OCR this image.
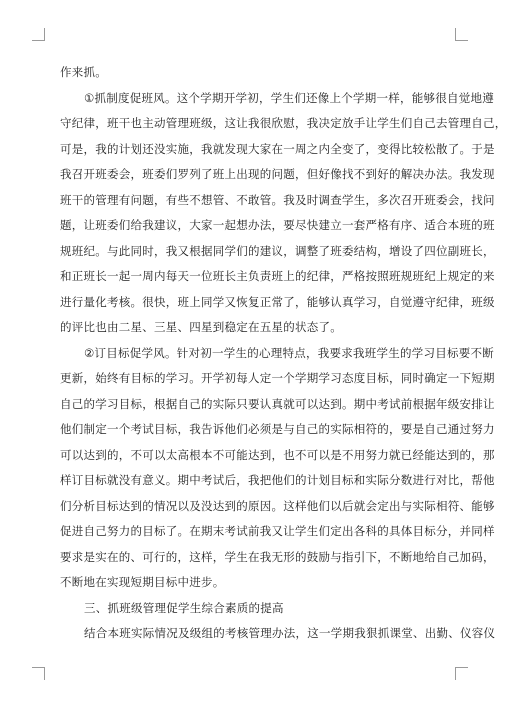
作来抓。
①抓制度促班风。这个学期开学初，学生们还像上个学期一样，能够很自觉地遵
守纪律，班干也主动管理班级，这让我很欣慰，我决定放手让学生们自己去管理自己，
可是，我的计划还没实施，我就发现大家在一周之内全变了，变得比较松散了。于是
我召开班委会，班委们罗列了班上出现的问题，但好像找不到好的解决办法。我发现
班干的管理有问题，有些不想管、不敢管。我及时调查学生，多次召开班委会，找问
题，让班委们给我建议，大家一起想办法，要尽快建立一套严格有序、适合本班的班
规班纪。与此同时，我又根据同学们的建议，调整了班委结构，增设了四位副班长，
和正班长一起一周内每天一位班长主负责班上的纪律，严格按照班规班纪上规定的来
进行量化考核。很快，班上同学又恢复正常了，能够认真学习，自觉遵守纪律，班级
的评比也由二星、三星、四星到稳定在五星的状态了。
②订目标促学风。针对初一学生的心理特点，我要求我班学生的学习目标要不断
更新，始终有目标的学习。开学初每人定一个学期学习态度目标，同时确定一下短期
自己的学习目标，根据自己的实际只要认真就可以达到。期中考试前根据年级安排让
他们制定一个考试目标，我告诉他们必须是与自己的实际相符的，要是自己通过努力
可以达到的，不可以太高根本不可能达到，也不可以是不用努力就已经能达到的，那
样订目标就没有意义。期中考试后，我把他们的计划目标和实际分数进行对比，帮他
们分析目标达到的情况以及没达到的原因。这样他们以后就会定出与实际相符、能够
促进自己努力的目标了。在期末考试前我又让学生们定出各科的具体目标分，并同样
要求是实在的、可行的，这样，学生在我无形的鼓励与指引下，不断地给自己加码，
不断地在实现短期目标中进步。
三、抓班级管理促学生综合素质的提高
结合本班实际情况及级组的考核管理办法，这一学期我狠抓课堂、出勤、仪容仪
